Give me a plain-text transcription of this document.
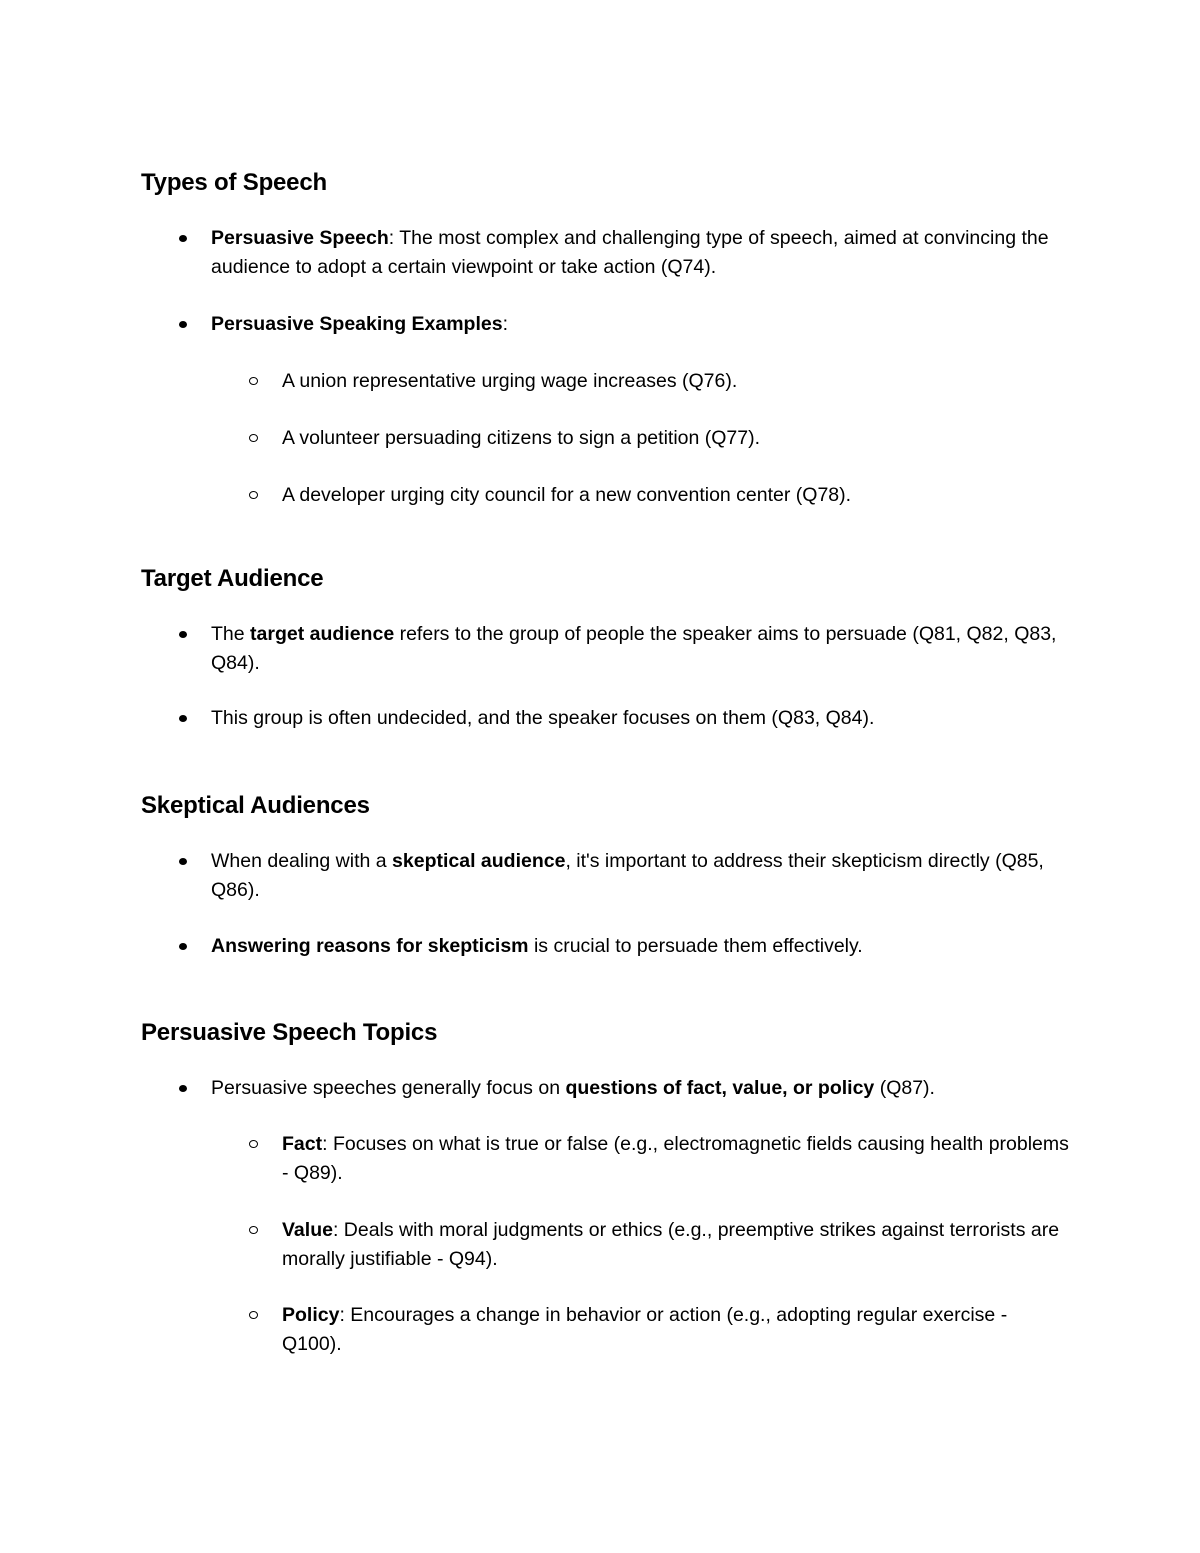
Types of Speech
Persuasive Speech: The most complex and challenging type of speech, aimed at convincing the audience to adopt a certain viewpoint or take action (Q74).
Persuasive Speaking Examples:
A union representative urging wage increases (Q76).
A volunteer persuading citizens to sign a petition (Q77).
A developer urging city council for a new convention center (Q78).
Target Audience
The target audience refers to the group of people the speaker aims to persuade (Q81, Q82, Q83, Q84).
This group is often undecided, and the speaker focuses on them (Q83, Q84).
Skeptical Audiences
When dealing with a skeptical audience, it's important to address their skepticism directly (Q85, Q86).
Answering reasons for skepticism is crucial to persuade them effectively.
Persuasive Speech Topics
Persuasive speeches generally focus on questions of fact, value, or policy (Q87).
Fact: Focuses on what is true or false (e.g., electromagnetic fields causing health problems - Q89).
Value: Deals with moral judgments or ethics (e.g., preemptive strikes against terrorists are morally justifiable - Q94).
Policy: Encourages a change in behavior or action (e.g., adopting regular exercise - Q100).
